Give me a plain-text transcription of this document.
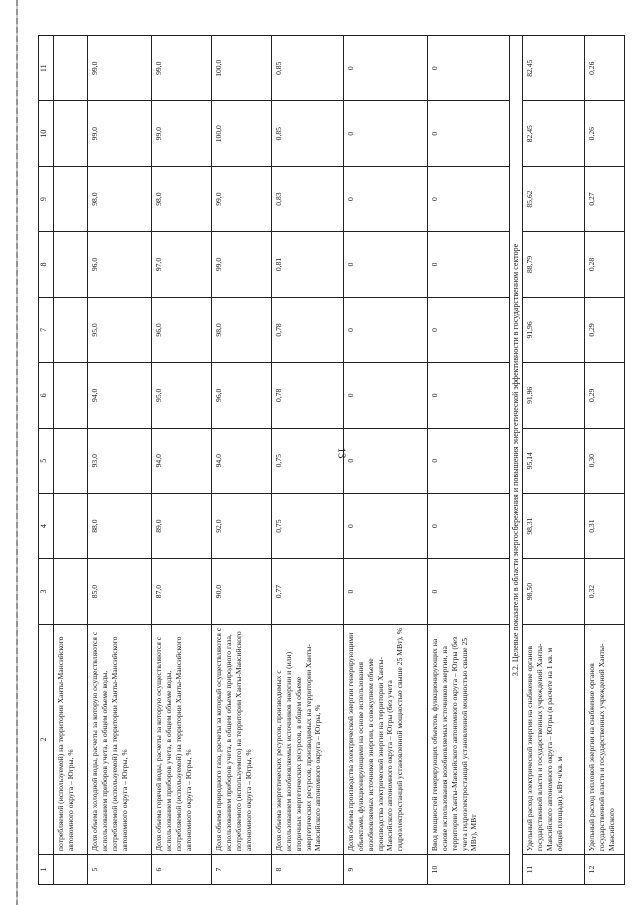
13
1	2	3	4	5	6	7	8	9	10	11
	потребляемой (используемой) на территории Ханты-Мансийского автономного округа – Югры, %									
5	Доля объема холодной воды, расчеты за которую осуществляются с использованием приборов учета, в общем объеме воды, потребляемой (используемой) на территории Ханты-Мансийского автономного округа – Югры, %	85,0	88,0	93,0	94,0	95,0	96,0	98,0	99,0	99,0
6	Доля объема горячей воды, расчеты за которую осуществляются с использованием приборов учета, в общем объеме воды, потребляемой (используемой) на территории Ханты-Мансийского автономного округа – Югры, %	87,0	89,0	94,0	95,0	96,0	97,0	98,0	99,0	99,0
7	Доля объема природного газа, расчеты за который осуществляются с использованием приборов учета, в общем объеме природного газа, потребляемого (используемого) на территории Ханты-Мансийского автономного округа – Югры, %	90,0	92,0	94,0	96,0	98,0	99,0	99,0	100,0	100,0
8	Доля объема энергетических ресурсов, производимых с использованием возобновляемых источников энергии и (или) вторичных энергетических ресурсов, в общем объеме энергетических ресурсов, производимых на территории Ханты-Мансийского автономного округа – Югры, %	0,77	0,75	0,75	0,78	0,78	0,81	0,83	0,85	0,85
9	Доля объема производства электрической энергии генерирующими объектами, функционирующими на основе использования возобновляемых источников энергии, в совокупном объеме производства электрической энергии на территории Ханты-Мансийского автономного округа – Югры (без учета гидроэлектростанций установленной мощностью свыше 25 МВт), %	0	0	0	0	0	0	0	0	0
10	Ввод мощностей генерирующих объектов, функционирующих на основе использования возобновляемых источников энергии, на территории Ханты-Мансийского автономного округа – Югры (без учета гидроэлектростанций установленной мощностью свыше 25 МВт), МВт	0	0	0	0	0	0	0	0	0
3.2. Целевые показатели в области энергосбережения и повышения энергетической эффективности в государственном секторе										
11	Удельный расход электрической энергии на снабжение органов государственной власти и государственных учреждений Ханты-Мансийского автономного округа – Югры (в расчете на 1 кв. м общей площади), кВт·ч/кв. м	98,50	98,31	95,14	91,96	91,96	88,79	85,62	82,45	82,45
12	Удельный расход тепловой энергии на снабжение органов государственной власти и государственных учреждений Ханты-Мансийского	0,32	0,31	0,30	0,29	0,29	0,28	0,27	0,26	0,26
